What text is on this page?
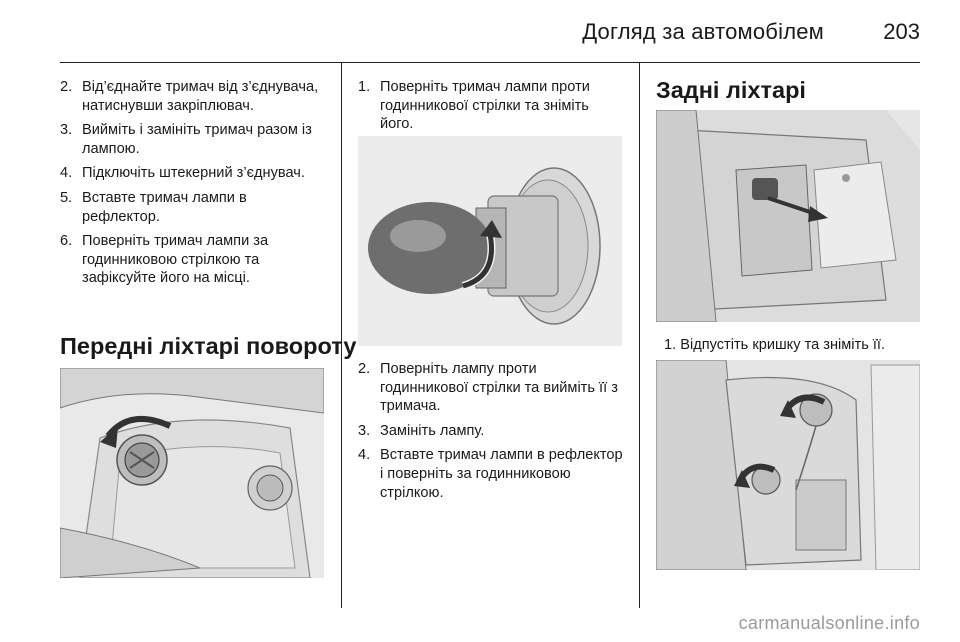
Догляд за автомобілем	203
2. Від’єднайте тримач від з’єднувача, натиснувши закріплювач.
3. Вийміть і замініть тримач разом із лампою.
4. Підключіть штекерний з’єднувач.
5. Вставте тримач лампи в рефлектор.
6. Поверніть тримач лампи за годинниковою стрілкою та зафіксуйте його на місці.
Передні ліхтарі повороту
1. Поверніть тримач лампи проти годинникової стрілки та зніміть його.
2. Поверніть лампу проти годинникової стрілки та вийміть її з тримача.
3. Замініть лампу.
4. Вставте тримач лампи в рефлектор і поверніть за годинниковою стрілкою.
Задні ліхтарі
1. Відпустіть кришку та зніміть її.
carmanualsonline.info
